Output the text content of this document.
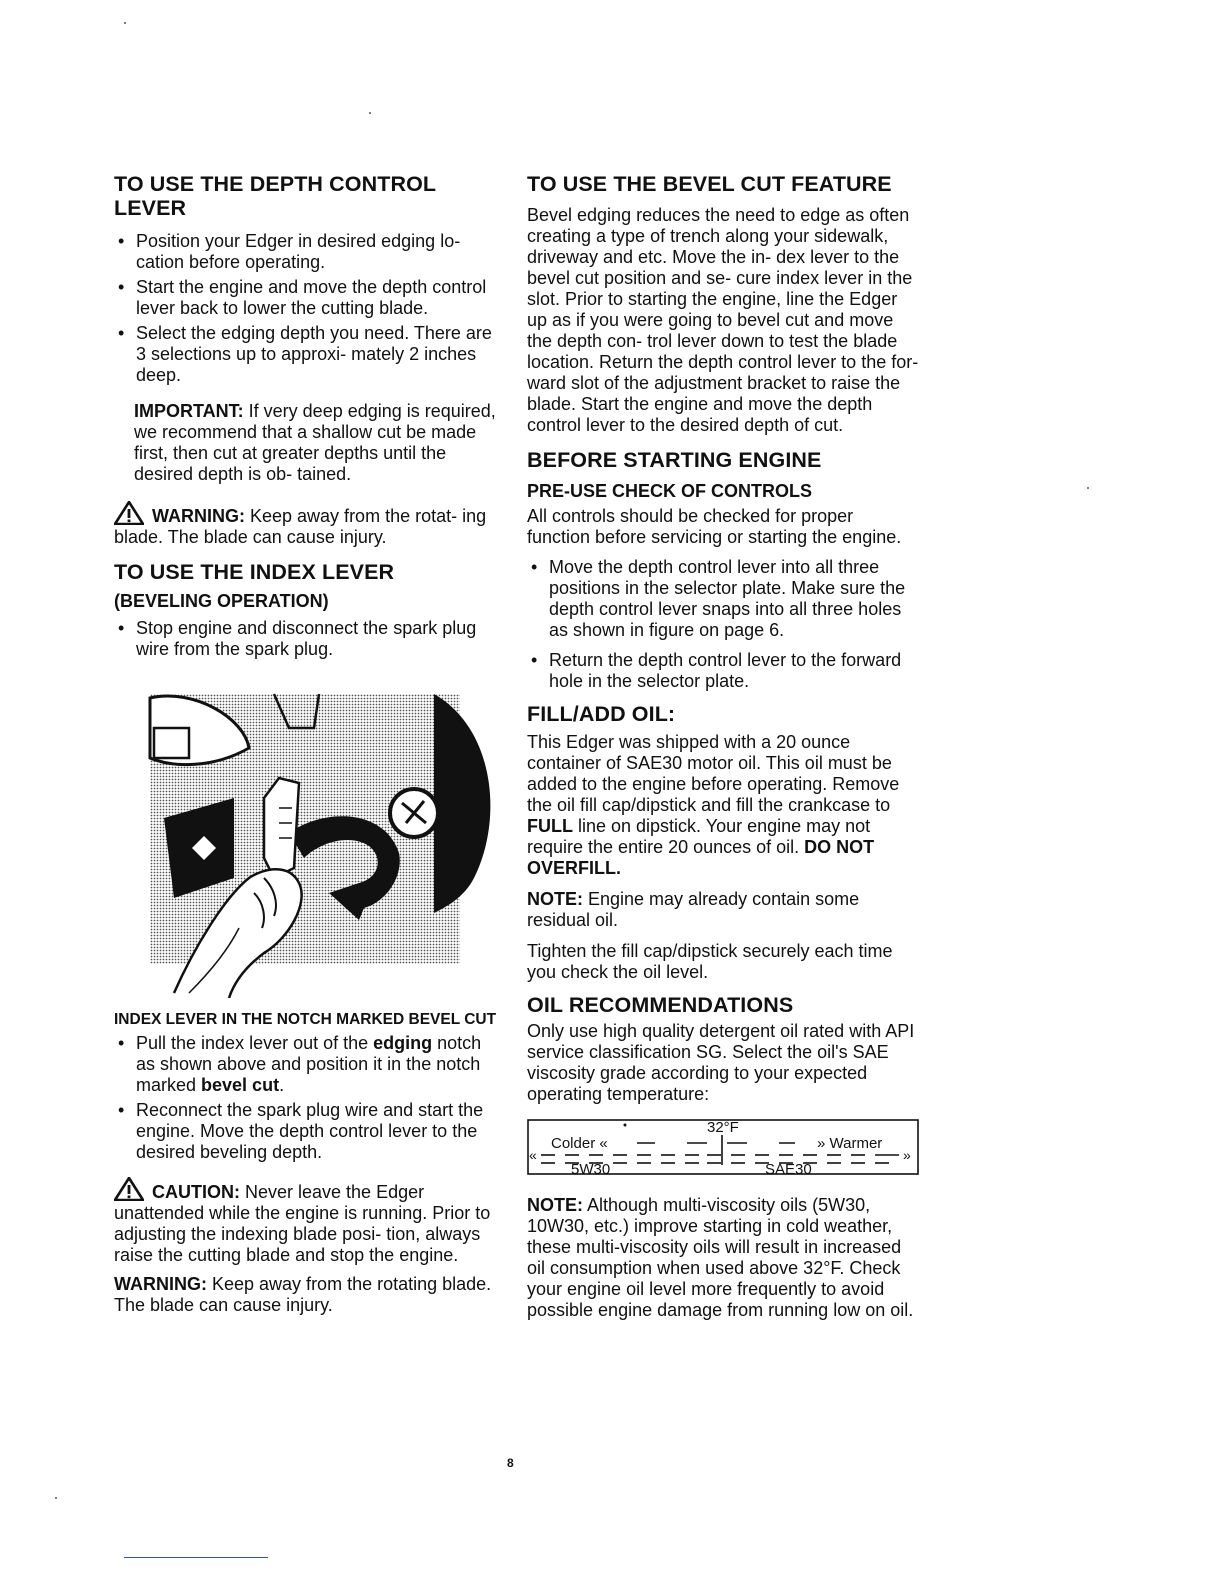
TO USE THE DEPTH CONTROL LEVER
• Position your Edger in desired edging lo- cation before operating.
• Start the engine and move the depth control lever back to lower the cutting blade.
• Select the edging depth you need. There are 3 selections up to approxi- mately 2 inches deep.

IMPORTANT: If very deep edging is required, we recommend that a shallow cut be made first, then cut at greater depths until the desired depth is ob- tained.

WARNING: Keep away from the rotat- ing blade. The blade can cause injury.

TO USE THE INDEX LEVER
(BEVELING OPERATION)
• Stop engine and disconnect the spark plug wire from the spark plug.

INDEX LEVER IN THE NOTCH MARKED BEVEL CUT

• Pull the index lever out of the edging notch as shown above and position it in the notch marked bevel cut.
• Reconnect the spark plug wire and start the engine. Move the depth control lever to the desired beveling depth.

CAUTION: Never leave the Edger unattended while the engine is running. Prior to adjusting the indexing blade posi- tion, always raise the cutting blade and stop the engine.

WARNING: Keep away from the rotating blade. The blade can cause injury.

TO USE THE BEVEL CUT FEATURE

Bevel edging reduces the need to edge as often creating a type of trench along your sidewalk, driveway and etc. Move the in- dex lever to the bevel cut position and se- cure index lever in the slot. Prior to starting the engine, line the Edger up as if you were going to bevel cut and move the depth con- trol lever down to test the blade location. Return the depth control lever to the for- ward slot of the adjustment bracket to raise the blade. Start the engine and move the depth control lever to the desired depth of cut.

BEFORE STARTING ENGINE
PRE-USE CHECK OF CONTROLS

All controls should be checked for proper function before servicing or starting the engine.

• Move the depth control lever into all three positions in the selector plate. Make sure the depth control lever snaps into all three holes as shown in figure on page 6.
• Return the depth control lever to the forward hole in the selector plate.
FILL/ADD OIL:

This Edger was shipped with a 20 ounce container of SAE30 motor oil. This oil must be added to the engine before operating. Remove the oil fill cap/dipstick and fill the crankcase to FULL line on dipstick. Your engine may not require the entire 20 ounces of oil. DO NOT OVERFILL.

NOTE: Engine may already contain some residual oil.

Tighten the fill cap/dipstick securely each time you check the oil level.

OIL RECOMMENDATIONS

Only use high quality detergent oil rated with API service classification SG. Select the oil's SAE viscosity grade according to your expected operating temperature:

32°F
Colder «	» Warmer
«	»
5W30	SAE30

NOTE: Although multi-viscosity oils (5W30, 10W30, etc.) improve starting in cold weather, these multi-viscosity oils will result in increased oil consumption when used above 32°F. Check your engine oil level more frequently to avoid possible engine damage from running low on oil.

8
